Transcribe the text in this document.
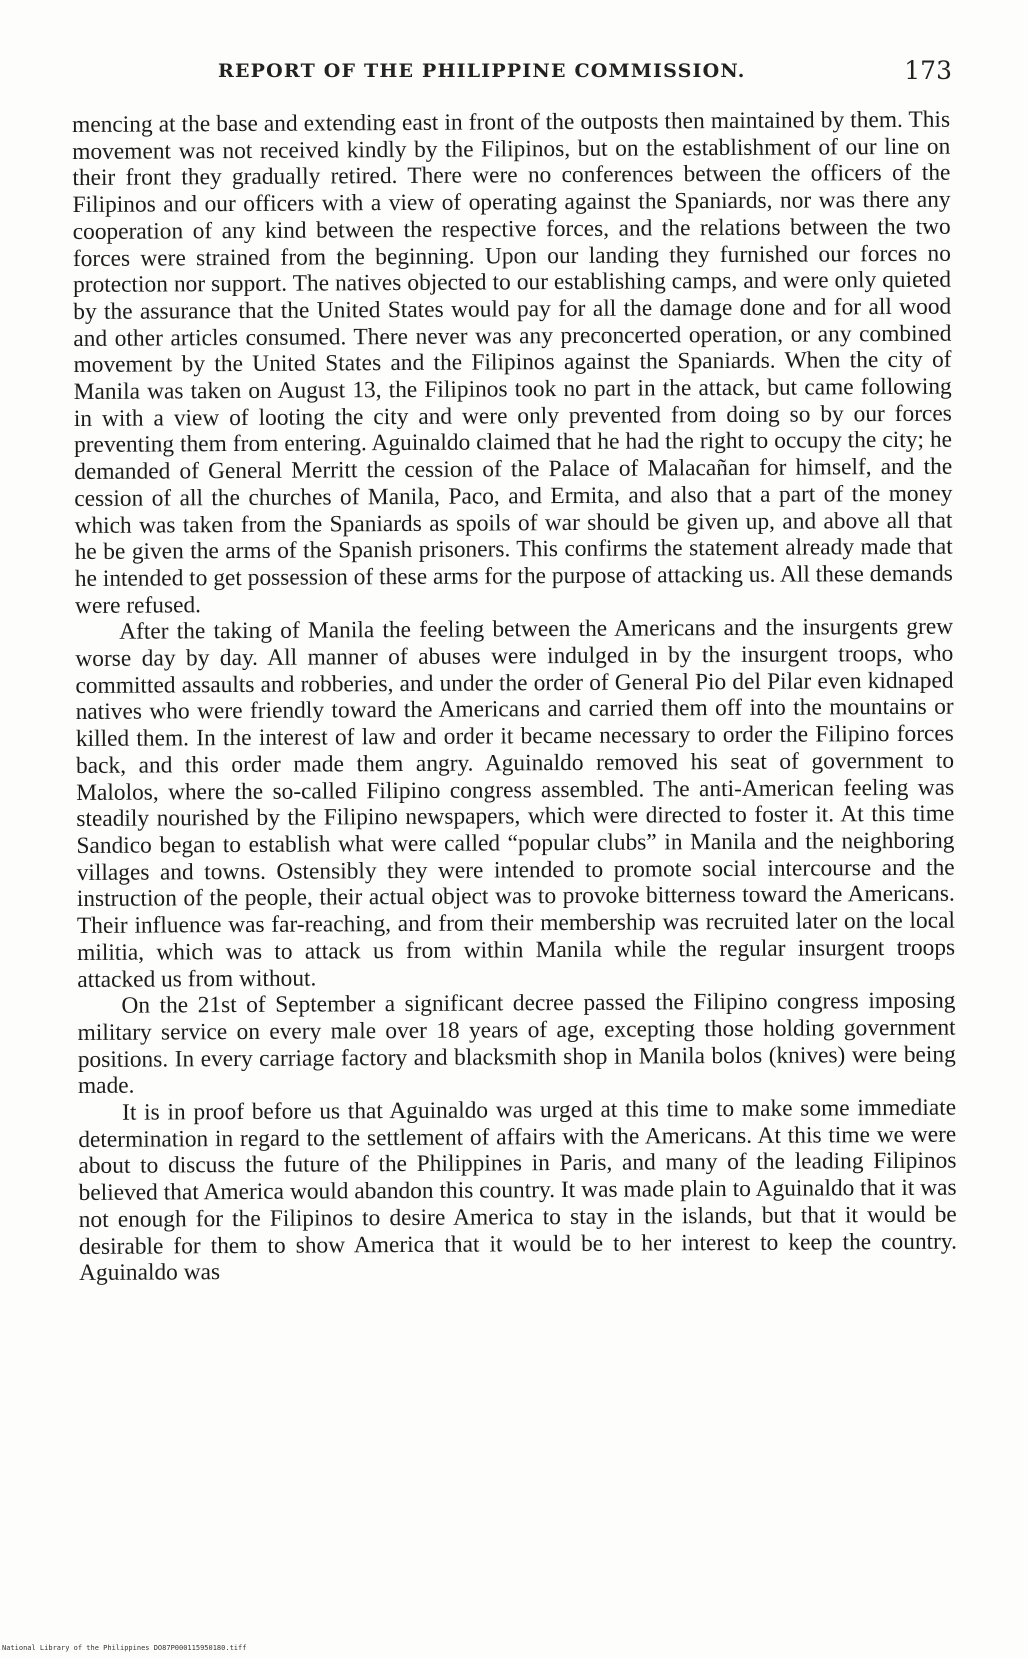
REPORT OF THE PHILIPPINE COMMISSION.	173

mencing at the base and extending east in front of the outposts then maintained by them. This movement was not received kindly by the Filipinos, but on the establishment of our line on their front they gradually retired. There were no conferences between the officers of the Filipinos and our officers with a view of operating against the Spaniards, nor was there any cooperation of any kind between the respective forces, and the relations between the two forces were strained from the beginning. Upon our landing they furnished our forces no protection nor support. The natives objected to our establishing camps, and were only quieted by the assurance that the United States would pay for all the damage done and for all wood and other articles consumed. There never was any preconcerted operation, or any combined movement by the United States and the Filipinos against the Spaniards. When the city of Manila was taken on August 13, the Filipinos took no part in the attack, but came following in with a view of looting the city and were only prevented from doing so by our forces preventing them from entering. Aguinaldo claimed that he had the right to occupy the city; he demanded of General Merritt the cession of the Palace of Malacañan for himself, and the cession of all the churches of Manila, Paco, and Ermita, and also that a part of the money which was taken from the Spaniards as spoils of war should be given up, and above all that he be given the arms of the Spanish prisoners. This confirms the statement already made that he intended to get possession of these arms for the purpose of attacking us. All these demands were refused.

After the taking of Manila the feeling between the Americans and the insurgents grew worse day by day. All manner of abuses were indulged in by the insurgent troops, who committed assaults and robberies, and under the order of General Pio del Pilar even kidnaped natives who were friendly toward the Americans and carried them off into the mountains or killed them. In the interest of law and order it became necessary to order the Filipino forces back, and this order made them angry. Aguinaldo removed his seat of government to Malolos, where the so-called Filipino congress assembled. The anti-American feeling was steadily nourished by the Filipino newspapers, which were directed to foster it. At this time Sandico began to establish what were called “popular clubs” in Manila and the neighboring villages and towns. Ostensibly they were intended to promote social intercourse and the instruction of the people, their actual object was to provoke bitterness toward the Americans. Their influence was far-reaching, and from their membership was recruited later on the local militia, which was to attack us from within Manila while the regular insurgent troops attacked us from without.

On the 21st of September a significant decree passed the Filipino congress imposing military service on every male over 18 years of age, excepting those holding government positions. In every carriage factory and blacksmith shop in Manila bolos (knives) were being made.

It is in proof before us that Aguinaldo was urged at this time to make some immediate determination in regard to the settlement of affairs with the Americans. At this time we were about to discuss the future of the Philippines in Paris, and many of the leading Filipinos believed that America would abandon this country. It was made plain to Aguinaldo that it was not enough for the Filipinos to desire America to stay in the islands, but that it would be desirable for them to show America that it would be to her interest to keep the country. Aguinaldo was

National Library of the Philippines DO87P000115950180.tiff
